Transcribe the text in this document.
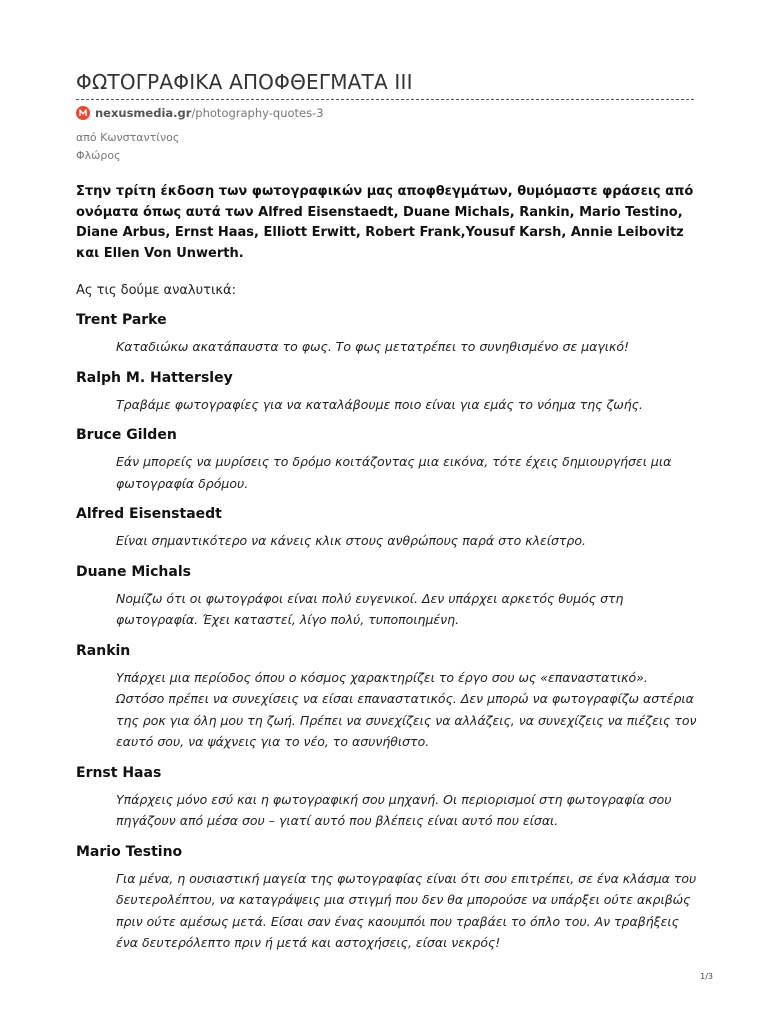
ΦΩΤΟΓΡΑΦΙΚΑ ΑΠΟΦΘΕΓΜΑΤΑ ΙΙΙ
nexusmedia.gr /photography-quotes-3
από Κωνσταντίνος
Φλώρος

Στην τρίτη έκδοση των φωτογραφικών μας αποφθεγμάτων, θυμόμαστε φράσεις από ονόματα όπως αυτά των Alfred Eisenstaedt, Duane Michals, Rankin, Mario Testino, Diane Arbus, Ernst Haas, Elliott Erwitt, Robert Frank,Yousuf Karsh, Annie Leibovitz και Ellen Von Unwerth.

Ας τις δούμε αναλυτικά:
Trent Parke
Καταδιώκω ακατάπαυστα το φως. Το φως μετατρέπει το συνηθισμένο σε μαγικό!
Ralph M. Hattersley
Τραβάμε φωτογραφίες για να καταλάβουμε ποιο είναι για εμάς το νόημα της ζωής.
Bruce Gilden
Εάν μπορείς να μυρίσεις το δρόμο κοιτάζοντας μια εικόνα, τότε έχεις δημιουργήσει μια φωτογραφία δρόμου.
Alfred Eisenstaedt
Είναι σημαντικότερο να κάνεις κλικ στους ανθρώπους παρά στο κλείστρο.
Duane Michals
Νομίζω ότι οι φωτογράφοι είναι πολύ ευγενικοί. Δεν υπάρχει αρκετός θυμός στη φωτογραφία. Έχει καταστεί, λίγο πολύ, τυποποιημένη.
Rankin
Υπάρχει μια περίοδος όπου ο κόσμος χαρακτηρίζει το έργο σου ως «επαναστατικό». Ωστόσο πρέπει να συνεχίσεις να είσαι επαναστατικός. Δεν μπορώ να φωτογραφίζω αστέρια της ροκ για όλη μου τη ζωή. Πρέπει να συνεχίζεις να αλλάζεις, να συνεχίζεις να πιέζεις τον εαυτό σου, να ψάχνεις για το νέο, το ασυνήθιστο.
Ernst Haas
Υπάρχεις μόνο εσύ και η φωτογραφική σου μηχανή. Οι περιορισμοί στη φωτογραφία σου πηγάζουν από μέσα σου – γιατί αυτό που βλέπεις είναι αυτό που είσαι.
Mario Testino
Για μένα, η ουσιαστική μαγεία της φωτογραφίας είναι ότι σου επιτρέπει, σε ένα κλάσμα του δευτερολέπτου, να καταγράψεις μια στιγμή που δεν θα μπορούσε να υπάρξει ούτε ακριβώς πριν ούτε αμέσως μετά. Είσαι σαν ένας καουμπόι που τραβάει το όπλο του. Αν τραβήξεις ένα δευτερόλεπτο πριν ή μετά και αστοχήσεις, είσαι νεκρός!
1/3
